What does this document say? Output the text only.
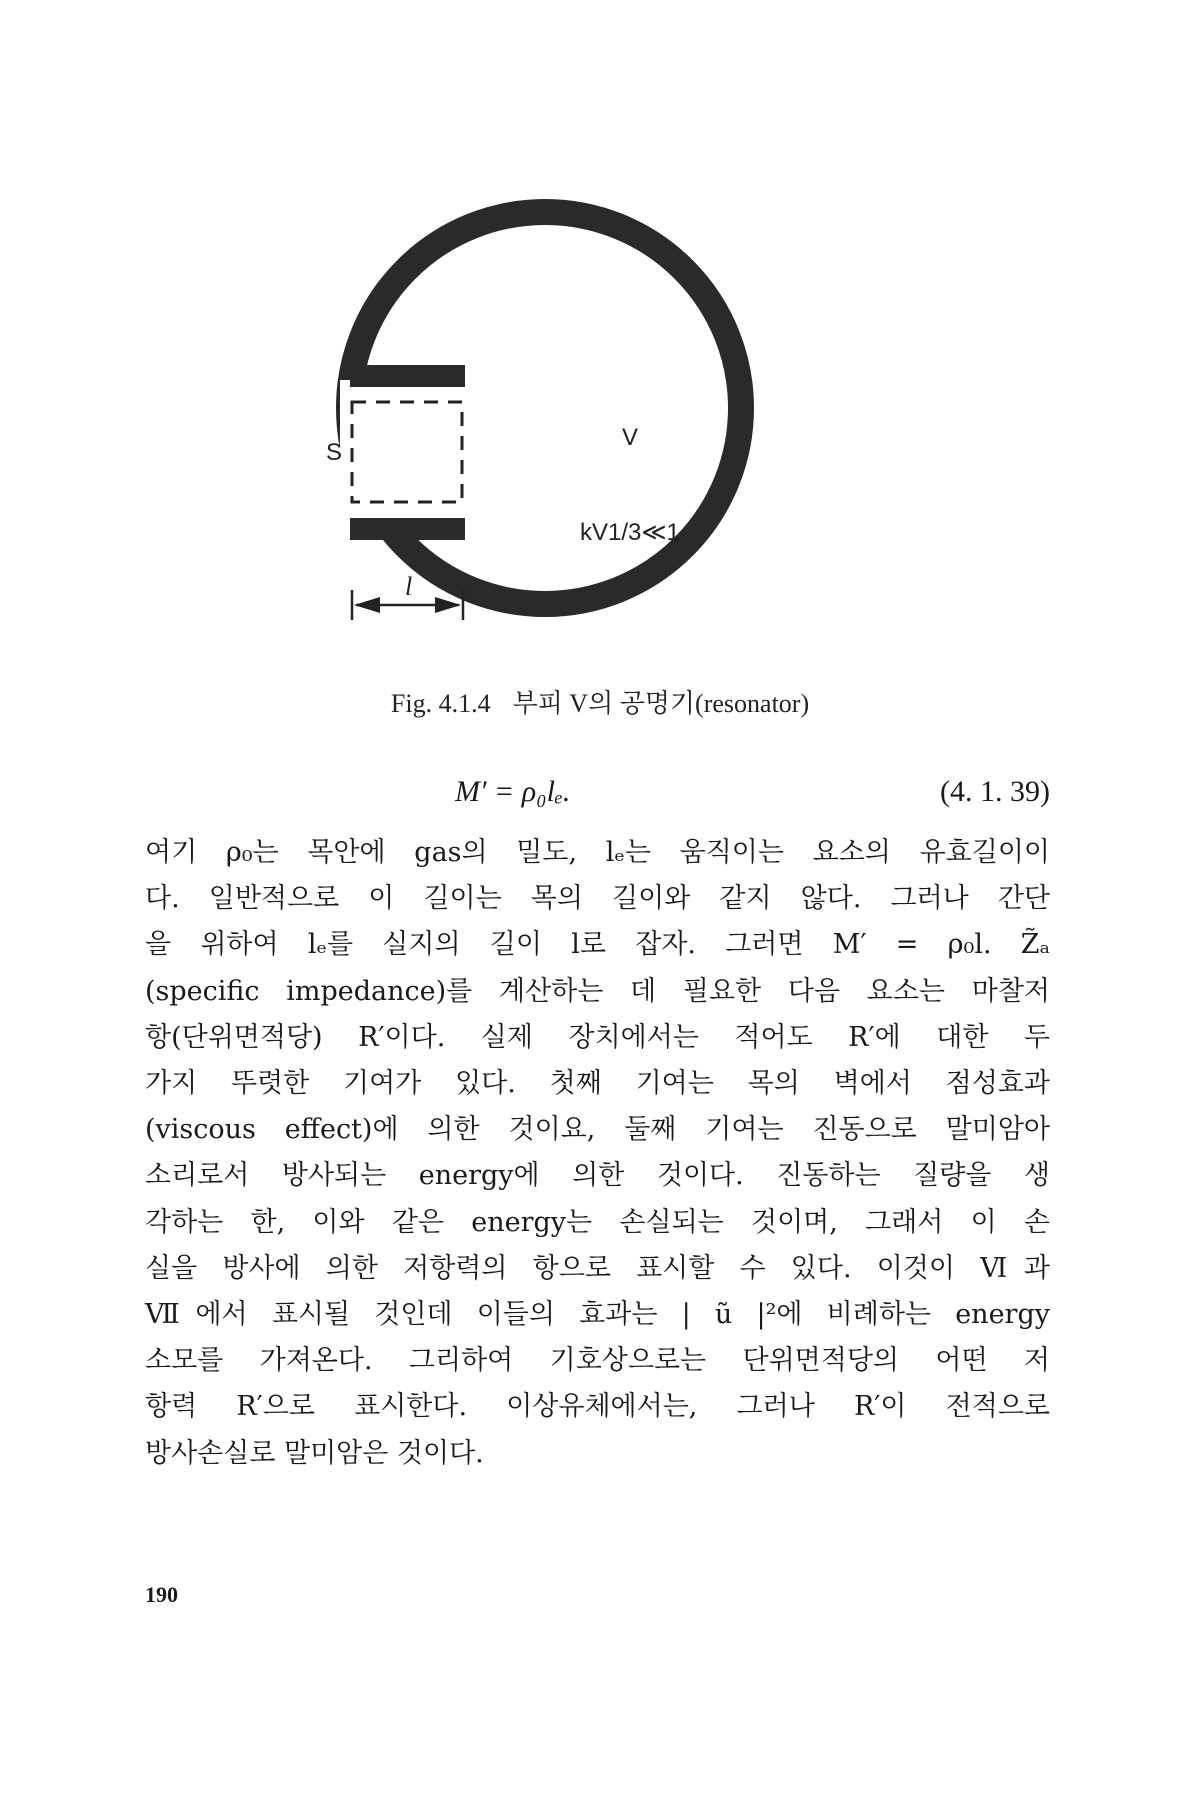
S
V
kV1/3≪1
l
Fig. 4.1.4 부피 V의 공명기(resonator)
M′ = ρ₀lₑ.	(4. 1. 39)
여기 ρ₀는 목안에 gas의 밀도, lₑ는 움직이는 요소의 유효길이이
다. 일반적으로 이 길이는 목의 길이와 같지 않다. 그러나 간단
을 위하여 lₑ를 실지의 길이 l로 잡자. 그러면 M′ = ρ₀l. Z̃ₐ
(specific impedance)를 계산하는 데 필요한 다음 요소는 마찰저
항(단위면적당) R′이다. 실제 장치에서는 적어도 R′에 대한 두
가지 뚜렷한 기여가 있다. 첫째 기여는 목의 벽에서 점성효과
(viscous effect)에 의한 것이요, 둘째 기여는 진동으로 말미암아
소리로서 방사되는 energy에 의한 것이다. 진동하는 질량을 생
각하는 한, 이와 같은 energy는 손실되는 것이며, 그래서 이 손
실을 방사에 의한 저항력의 항으로 표시할 수 있다. 이것이 Ⅵ과
Ⅶ에서 표시될 것인데 이들의 효과는 | ũ |²에 비례하는 energy
소모를 가져온다. 그리하여 기호상으로는 단위면적당의 어떤 저
항력 R′으로 표시한다. 이상유체에서는, 그러나 R′이 전적으로
방사손실로 말미암은 것이다.
190
